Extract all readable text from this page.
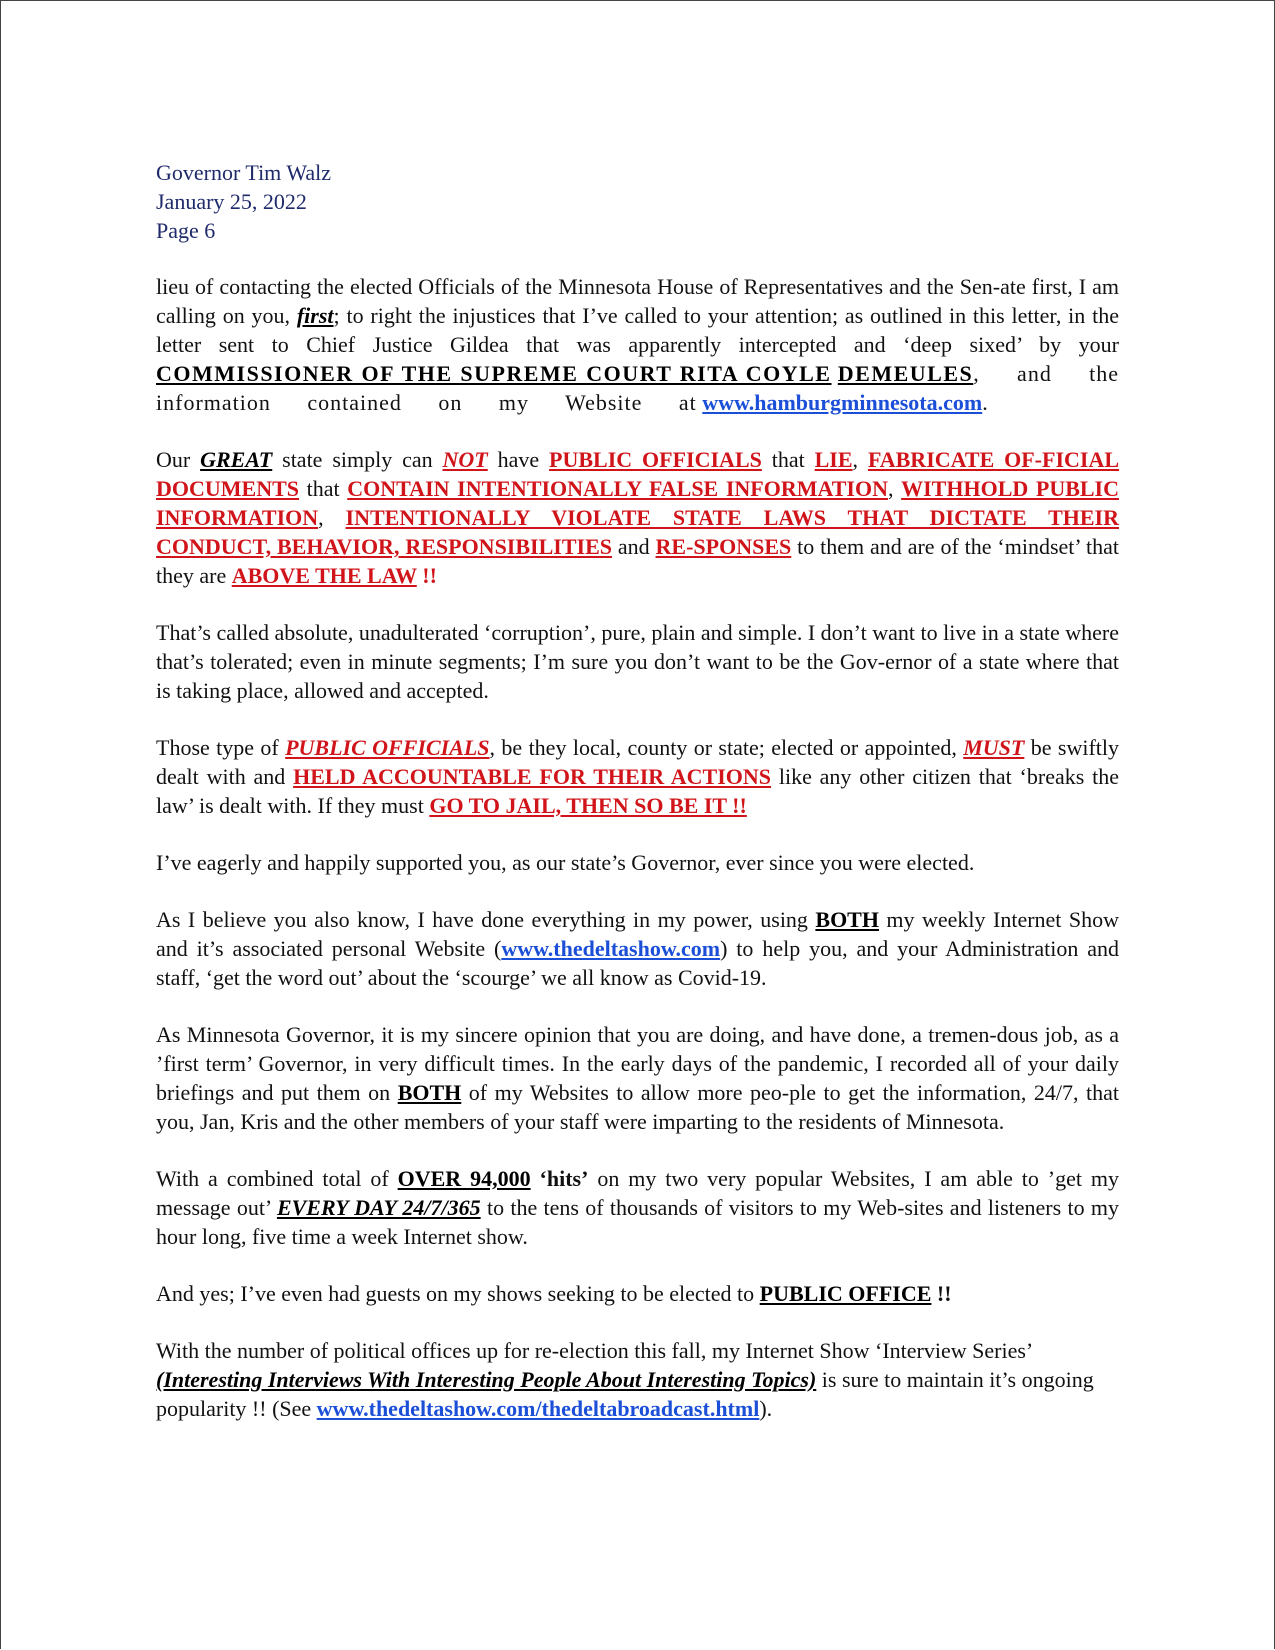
Governor Tim Walz
January 25, 2022
Page 6

lieu of contacting the elected Officials of the Minnesota House of Representatives and the Sen-ate first, I am calling on you, first; to right the injustices that I’ve called to your attention; as outlined in this letter, in the letter sent to Chief Justice Gildea that was apparently intercepted and ‘deep sixed’ by your COMMISSIONER OF THE SUPREME COURT RITA COYLE DEMEULES, and the information contained on my Website at www.hamburgminnesota.com.

Our GREAT state simply can NOT have PUBLIC OFFICIALS that LIE, FABRICATE OF-FICIAL DOCUMENTS that CONTAIN INTENTIONALLY FALSE INFORMATION, WITHHOLD PUBLIC INFORMATION, INTENTIONALLY VIOLATE STATE LAWS THAT DICTATE THEIR CONDUCT, BEHAVIOR, RESPONSIBILITIES and RE-SPONSES to them and are of the ‘mindset’ that they are ABOVE THE LAW !!

That’s called absolute, unadulterated ‘corruption’, pure, plain and simple. I don’t want to live in a state where that’s tolerated; even in minute segments; I’m sure you don’t want to be the Gov-ernor of a state where that is taking place, allowed and accepted.

Those type of PUBLIC OFFICIALS, be they local, county or state; elected or appointed, MUST be swiftly dealt with and HELD ACCOUNTABLE FOR THEIR ACTIONS like any other citizen that ‘breaks the law’ is dealt with. If they must GO TO JAIL, THEN SO BE IT !!

I’ve eagerly and happily supported you, as our state’s Governor, ever since you were elected.

As I believe you also know, I have done everything in my power, using BOTH my weekly Internet Show and it’s associated personal Website (www.thedeltashow.com) to help you, and your Administration and staff, ‘get the word out’ about the ‘scourge’ we all know as Covid-19.

As Minnesota Governor, it is my sincere opinion that you are doing, and have done, a tremen-dous job, as a ’first term’ Governor, in very difficult times. In the early days of the pandemic, I recorded all of your daily briefings and put them on BOTH of my Websites to allow more peo-ple to get the information, 24/7, that you, Jan, Kris and the other members of your staff were imparting to the residents of Minnesota.

With a combined total of OVER 94,000 ‘hits’ on my two very popular Websites, I am able to ’get my message out’ EVERY DAY 24/7/365 to the tens of thousands of visitors to my Web-sites and listeners to my hour long, five time a week Internet show.

And yes; I’ve even had guests on my shows seeking to be elected to PUBLIC OFFICE !!

With the number of political offices up for re-election this fall, my Internet Show ‘Interview Series’ (Interesting Interviews With Interesting People About Interesting Topics) is sure to maintain it’s ongoing popularity !! (See www.thedeltashow.com/thedeltabroadcast.html).
